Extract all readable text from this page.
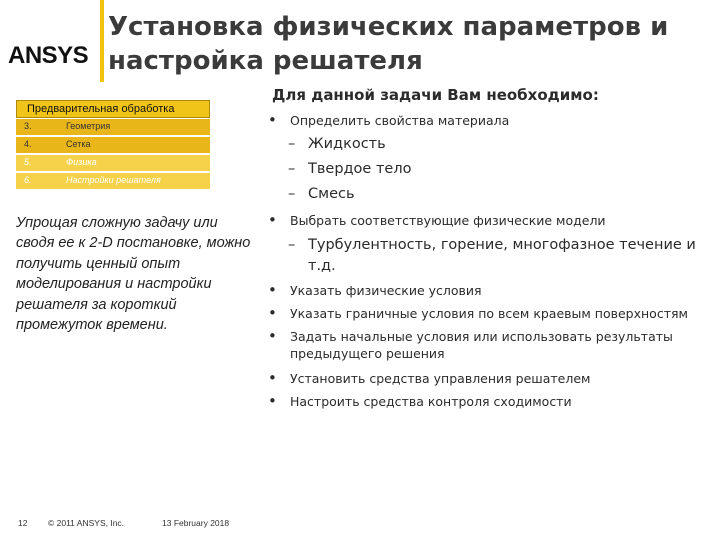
ANSYS
Установка физических параметров и
настройка решателя
Предварительная обработка
3.	Геометрия
4.	Сетка
5.	Физика
6.	Настройки решателя
Упрощая сложную задачу или сводя ее к 2-D постановке, можно получить ценный опыт моделирования и настройки решателя за короткий промежуток времени.
Для данной задачи Вам необходимо:
• Определить свойства материала
– Жидкость
– Твердое тело
– Смесь
• Выбрать соответствующие физические модели
– Турбулентность, горение, многофазное течение и т.д.
• Указать физические условия
• Указать граничные условия по всем краевым поверхностям
• Задать начальные условия или использовать результаты предыдущего решения
• Установить средства управления решателем
• Настроить средства контроля сходимости
12 © 2011 ANSYS, Inc.	13 February 2018
